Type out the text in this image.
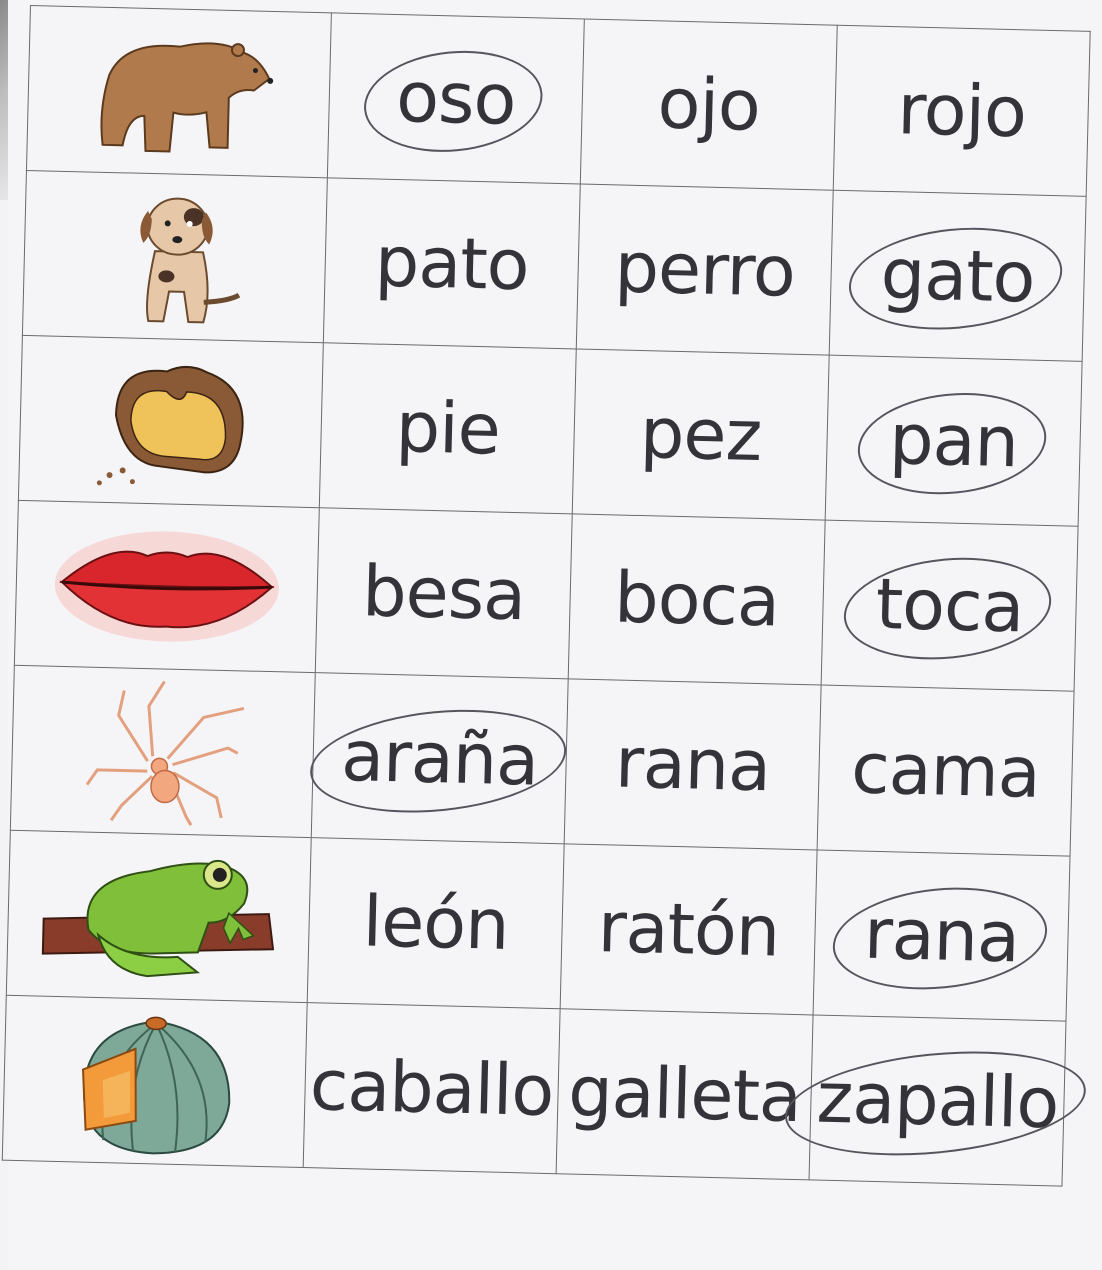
	oso	ojo	rojo

	pato	perro	gato

	pie	pez	pan

	besa	boca	toca

	araña	rana	cama

	león	ratón	rana

	caballo	galleta	zapallo
